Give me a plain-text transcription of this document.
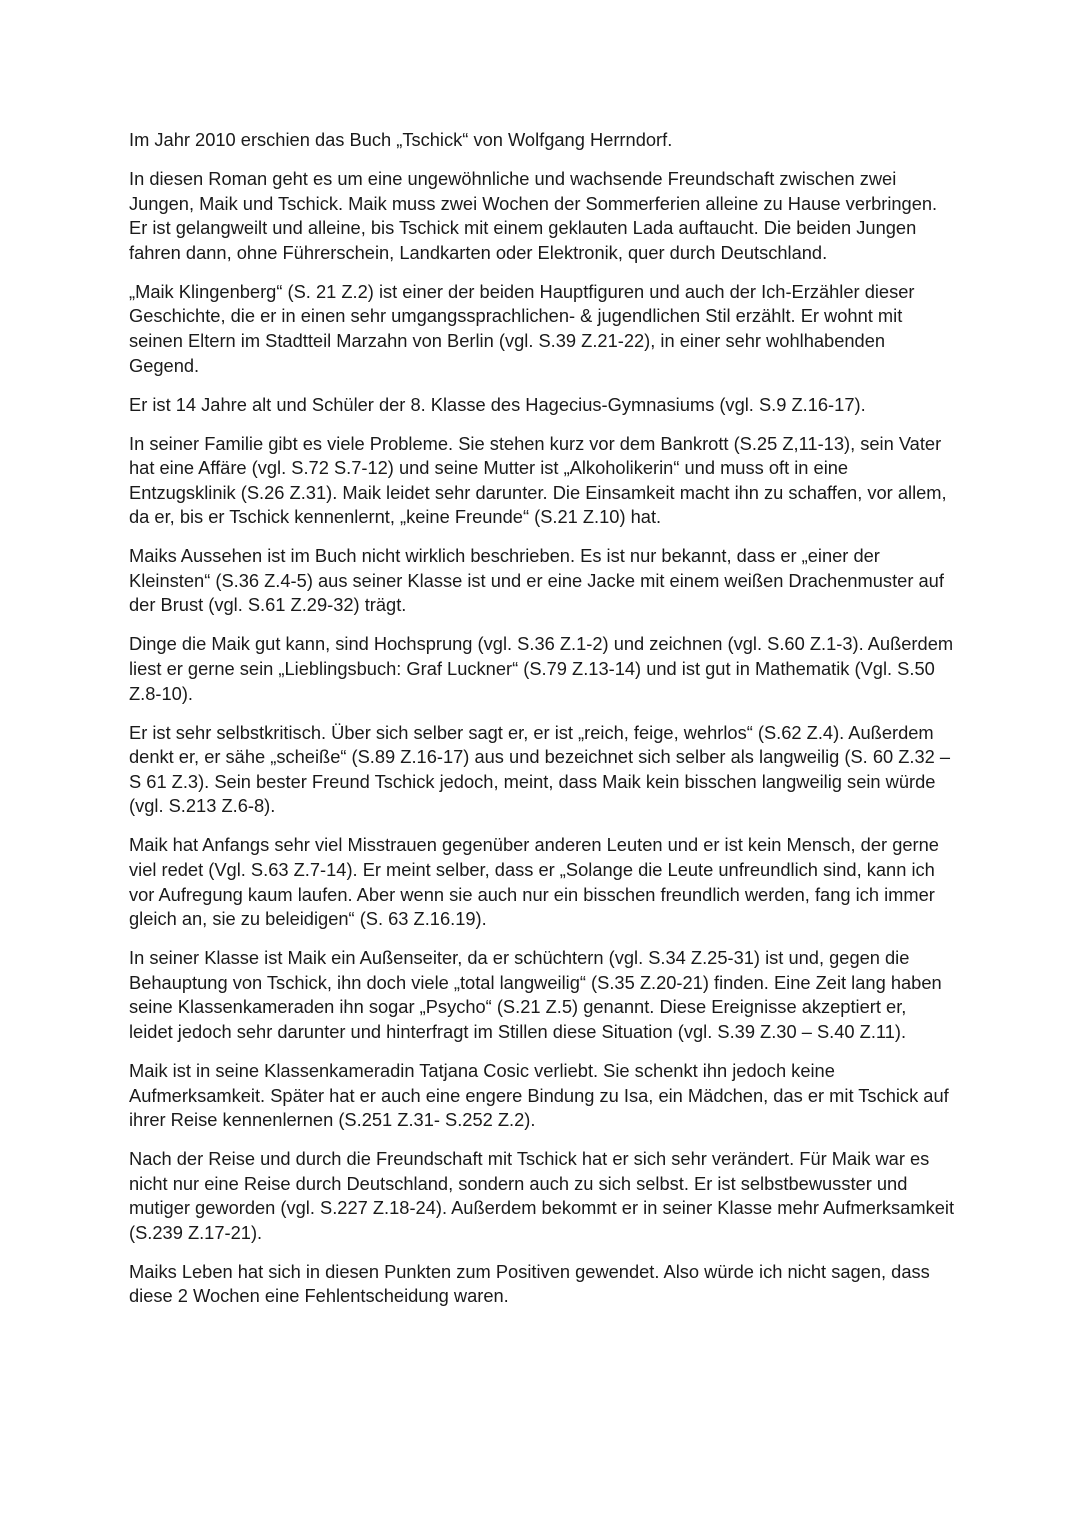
Im Jahr 2010 erschien das Buch „Tschick“ von Wolfgang Herrndorf.

In diesen Roman geht es um eine ungewöhnliche und wachsende Freundschaft zwischen zwei Jungen, Maik und Tschick. Maik muss zwei Wochen der Sommerferien alleine zu Hause verbringen. Er ist gelangweilt und alleine, bis Tschick mit einem geklauten Lada auftaucht. Die beiden Jungen fahren dann, ohne Führerschein, Landkarten oder Elektronik, quer durch Deutschland.

„Maik Klingenberg“ (S. 21 Z.2) ist einer der beiden Hauptfiguren und auch der Ich-Erzähler dieser Geschichte, die er in einen sehr umgangssprachlichen- & jugendlichen Stil erzählt. Er wohnt mit seinen Eltern im Stadtteil Marzahn von Berlin (vgl. S.39 Z.21-22), in einer sehr wohlhabenden Gegend.

Er ist 14 Jahre alt und Schüler der 8. Klasse des Hagecius-Gymnasiums (vgl. S.9 Z.16-17).

In seiner Familie gibt es viele Probleme. Sie stehen kurz vor dem Bankrott (S.25 Z,11-13), sein Vater hat eine Affäre (vgl. S.72 S.7-12) und seine Mutter ist „Alkoholikerin“ und muss oft in eine Entzugsklinik (S.26 Z.31). Maik leidet sehr darunter. Die Einsamkeit macht ihn zu schaffen, vor allem, da er, bis er Tschick kennenlernt, „keine Freunde“ (S.21 Z.10) hat.

Maiks Aussehen ist im Buch nicht wirklich beschrieben. Es ist nur bekannt, dass er „einer der Kleinsten“ (S.36 Z.4-5) aus seiner Klasse ist und er eine Jacke mit einem weißen Drachenmuster auf der Brust (vgl. S.61 Z.29-32) trägt.

Dinge die Maik gut kann, sind Hochsprung (vgl. S.36 Z.1-2) und zeichnen (vgl. S.60 Z.1-3). Außerdem liest er gerne sein „Lieblingsbuch: Graf Luckner“ (S.79 Z.13-14) und ist gut in Mathematik (Vgl. S.50 Z.8-10).

Er ist sehr selbstkritisch. Über sich selber sagt er, er ist „reich, feige, wehrlos“ (S.62 Z.4). Außerdem denkt er, er sähe „scheiße“ (S.89 Z.16-17) aus und bezeichnet sich selber als langweilig (S. 60 Z.32 – S 61 Z.3). Sein bester Freund Tschick jedoch, meint, dass Maik kein bisschen langweilig sein würde (vgl. S.213 Z.6-8).

Maik hat Anfangs sehr viel Misstrauen gegenüber anderen Leuten und er ist kein Mensch, der gerne viel redet (Vgl. S.63 Z.7-14). Er meint selber, dass er „Solange die Leute unfreundlich sind, kann ich vor Aufregung kaum laufen. Aber wenn sie auch nur ein bisschen freundlich werden, fang ich immer gleich an, sie zu beleidigen“ (S. 63 Z.16.19).

In seiner Klasse ist Maik ein Außenseiter, da er schüchtern (vgl. S.34 Z.25-31) ist und, gegen die Behauptung von Tschick, ihn doch viele „total langweilig“ (S.35 Z.20-21) finden. Eine Zeit lang haben seine Klassenkameraden ihn sogar „Psycho“ (S.21 Z.5) genannt. Diese Ereignisse akzeptiert er, leidet jedoch sehr darunter und hinterfragt im Stillen diese Situation (vgl. S.39 Z.30 – S.40 Z.11).

Maik ist in seine Klassenkameradin Tatjana Cosic verliebt. Sie schenkt ihn jedoch keine Aufmerksamkeit. Später hat er auch eine engere Bindung zu Isa, ein Mädchen, das er mit Tschick auf ihrer Reise kennenlernen (S.251 Z.31- S.252 Z.2).

Nach der Reise und durch die Freundschaft mit Tschick hat er sich sehr verändert. Für Maik war es nicht nur eine Reise durch Deutschland, sondern auch zu sich selbst. Er ist selbstbewusster und mutiger geworden (vgl. S.227 Z.18-24). Außerdem bekommt er in seiner Klasse mehr Aufmerksamkeit (S.239 Z.17-21).

Maiks Leben hat sich in diesen Punkten zum Positiven gewendet. Also würde ich nicht sagen, dass diese 2 Wochen eine Fehlentscheidung waren.
